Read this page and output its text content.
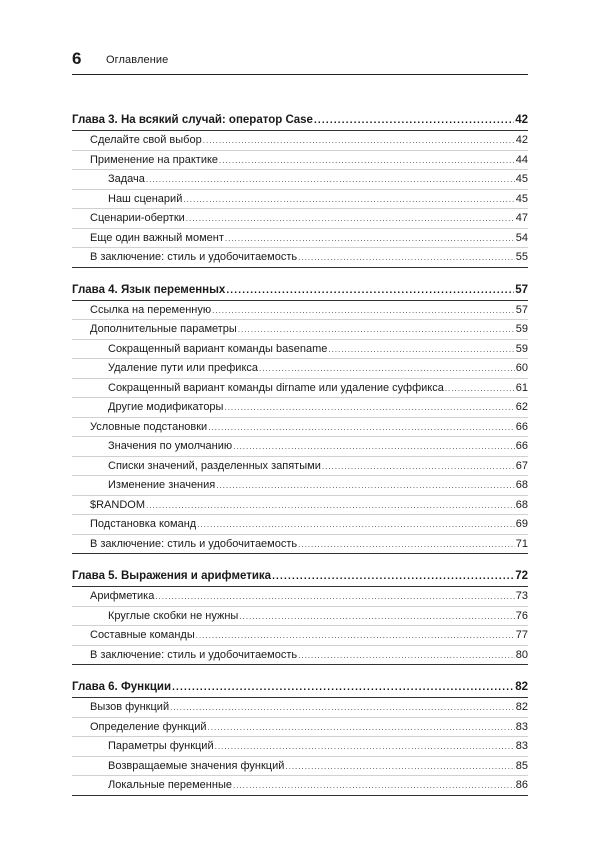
6 Оглавление
Глава 3. На всякий случай: оператор Case .....	42
Сделайте свой выбор .....	42
Применение на практике .....	44
Задача .....	45
Наш сценарий .....	45
Сценарии-обертки .....	47
Еще один важный момент .....	54
В заключение: стиль и удобочитаемость .....	55
Глава 4. Язык переменных .....	57
Ссылка на переменную .....	57
Дополнительные параметры .....	59
Сокращенный вариант команды basename .....	59
Удаление пути или префикса .....	60
Сокращенный вариант команды dirname или удаление суффикса .....	61
Другие модификаторы .....	62
Условные подстановки .....	66
Значения по умолчанию .....	66
Списки значений, разделенных запятыми .....	67
Изменение значения .....	68
$RANDOM .....	68
Подстановка команд .....	69
В заключение: стиль и удобочитаемость .....	71
Глава 5. Выражения и арифметика .....	72
Арифметика .....	73
Круглые скобки не нужны .....	76
Составные команды .....	77
В заключение: стиль и удобочитаемость .....	80
Глава 6. Функции .....	82
Вызов функций .....	82
Определение функций .....	83
Параметры функций .....	83
Возвращаемые значения функций .....	85
Локальные переменные .....	86
